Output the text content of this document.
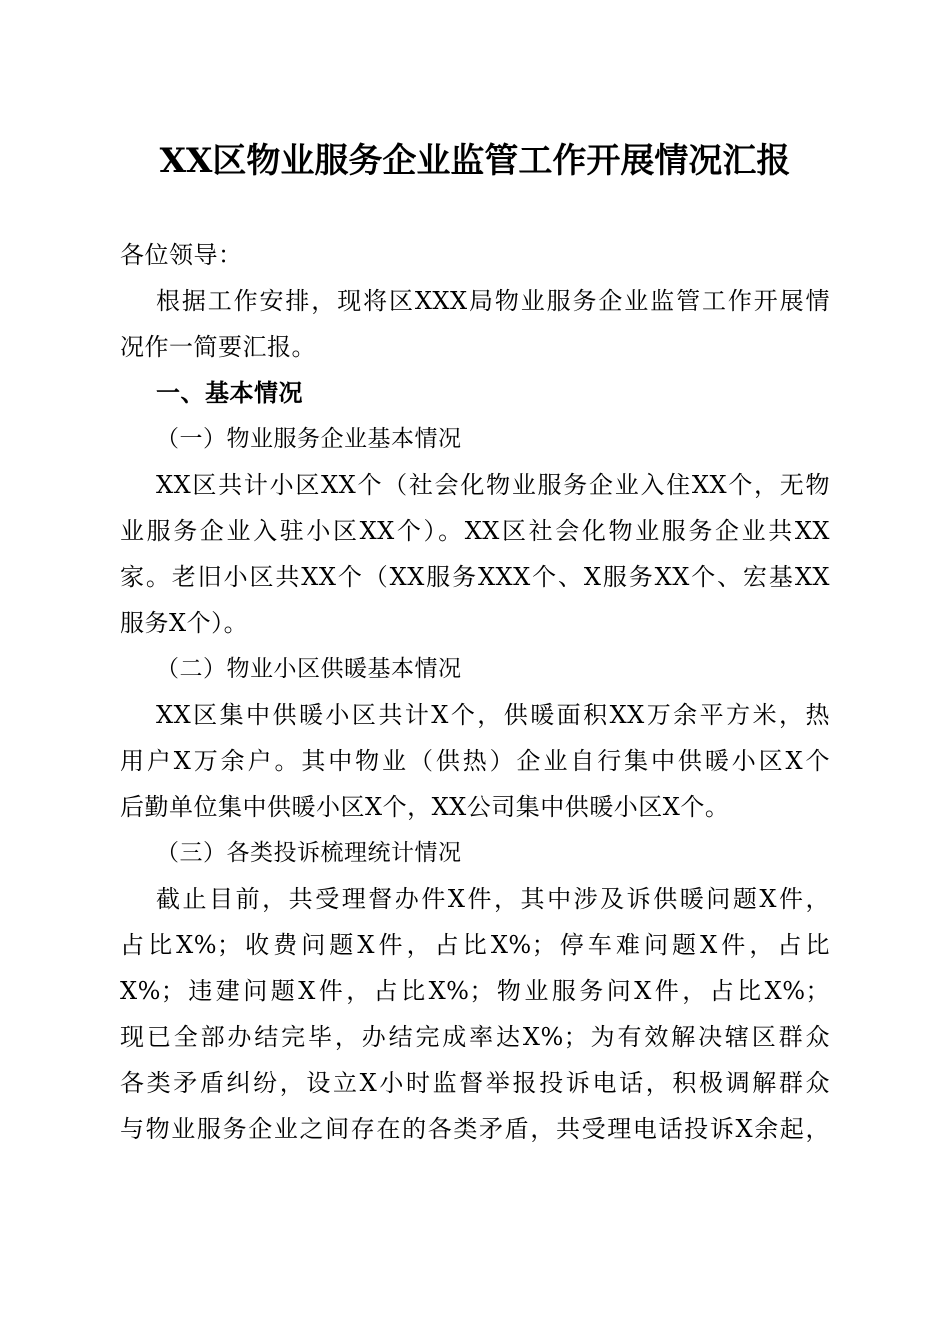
XX区物业服务企业监管工作开展情况汇报
各位领导：
根据工作安排，现将区XXX局物业服务企业监管工作开展情
况作一简要汇报。
一、基本情况
（一）物业服务企业基本情况
XX区共计小区XX个（社会化物业服务企业入住XX个，无物
业服务企业入驻小区XX个）。XX区社会化物业服务企业共XX
家。老旧小区共XX个（XX服务XXX个、X服务XX个、宏基XX
服务X个）。
（二）物业小区供暖基本情况
XX区集中供暖小区共计X个，供暖面积XX万余平方米，热
用户X万余户。其中物业（供热）企业自行集中供暖小区X个
后勤单位集中供暖小区X个，XX公司集中供暖小区X个。
（三）各类投诉梳理统计情况
截止目前，共受理督办件X件，其中涉及诉供暖问题X件，
占比X%；收费问题X件，占比X%；停车难问题X件，占比
X%；违建问题X件，占比X%；物业服务问X件，占比X%；
现已全部办结完毕，办结完成率达X%；为有效解决辖区群众
各类矛盾纠纷，设立X小时监督举报投诉电话，积极调解群众
与物业服务企业之间存在的各类矛盾，共受理电话投诉X余起，
